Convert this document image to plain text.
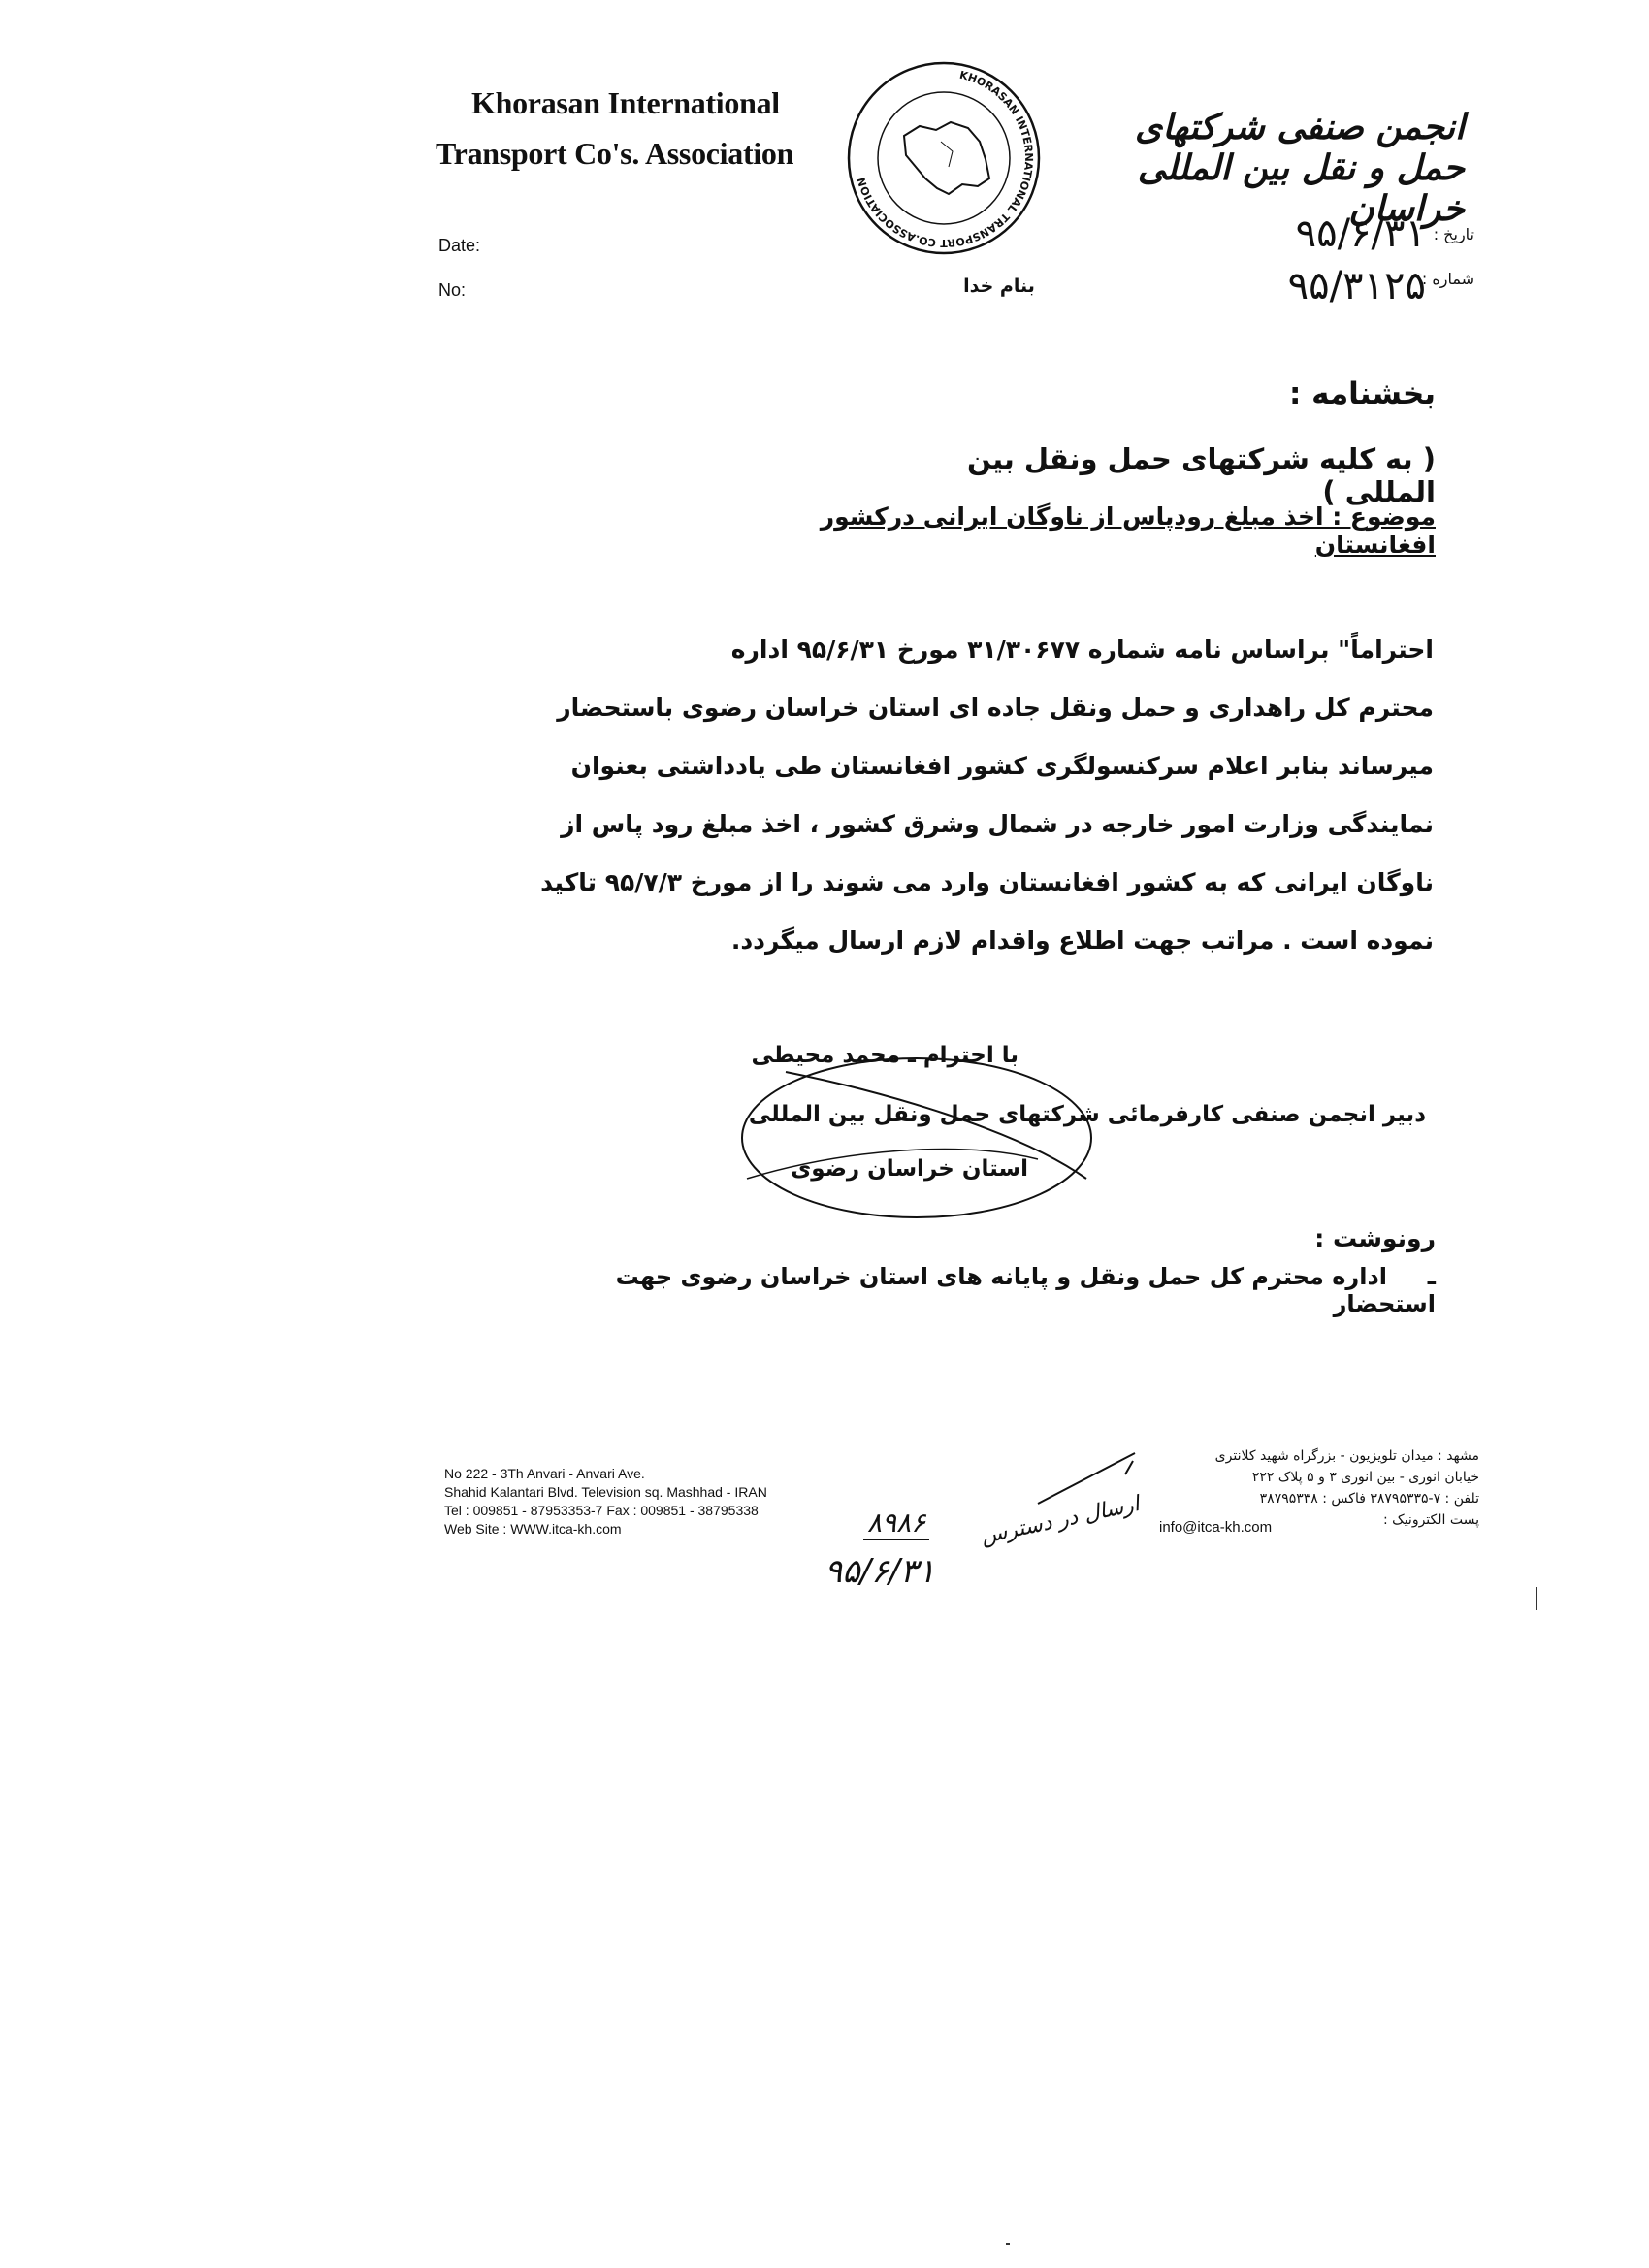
Khorasan International
Transport Co's. Association
KHORASAN INTERNATIONAL TRANSPORT CO.ASSOCIATION
انجمن صنفی شرکتهای حمل و نقل بین المللی خراسان
Date:
No:
تاریخ :
شماره :
۹۵/۶/۳۱
۹۵/۳۱۲۵
بنام خدا
بخشنامه :
( به کلیه شرکتهای حمل ونقل بین المللی )
موضوع : اخذ مبلغ رودپاس از ناوگان ایرانی درکشور افغانستان

احتراماً" براساس نامه شماره ۳۱/۳۰۶۷۷ مورخ ۹۵/۶/۳۱ اداره

محترم کل راهداری و حمل ونقل جاده ای استان خراسان رضوی باستحضار

میرساند بنابر اعلام سرکنسولگری کشور افغانستان طی یادداشتی بعنوان

نمایندگی وزارت امور خارجه در شمال وشرق کشور ، اخذ مبلغ رود پاس از

ناوگان ایرانی که به کشور افغانستان وارد می شوند را از مورخ ۹۵/۷/۳ تاکید

نموده است . مراتب جهت اطلاع واقدام لازم ارسال میگردد.

با احترام ـ محمد محیطی
دبیر انجمن صنفی کارفرمائی شرکتهای حمل ونقل بین المللی
استان خراسان رضوی
رونوشت :
ـ     اداره محترم کل حمل ونقل و پایانه های استان خراسان رضوی جهت استحضار
No 222 - 3Th Anvari - Anvari Ave.
Shahid Kalantari Blvd. Television sq. Mashhad - IRAN
Tel : 009851 - 87953353-7 Fax : 009851 - 38795338
Web Site : WWW.itca-kh.com
مشهد : میدان تلویزیون - بزرگراه شهید کلانتری
خیابان انوری - بین انوری ۳ و ۵ پلاک ۲۲۲
تلفن : ۷-۳۸۷۹۵۳۳۵ فاکس : ۳۸۷۹۵۳۳۸
پست الکترونیک :
info@itca-kh.com
۸۹۸۶
۹۵/۶/۳۱
ارسال در دسترس
